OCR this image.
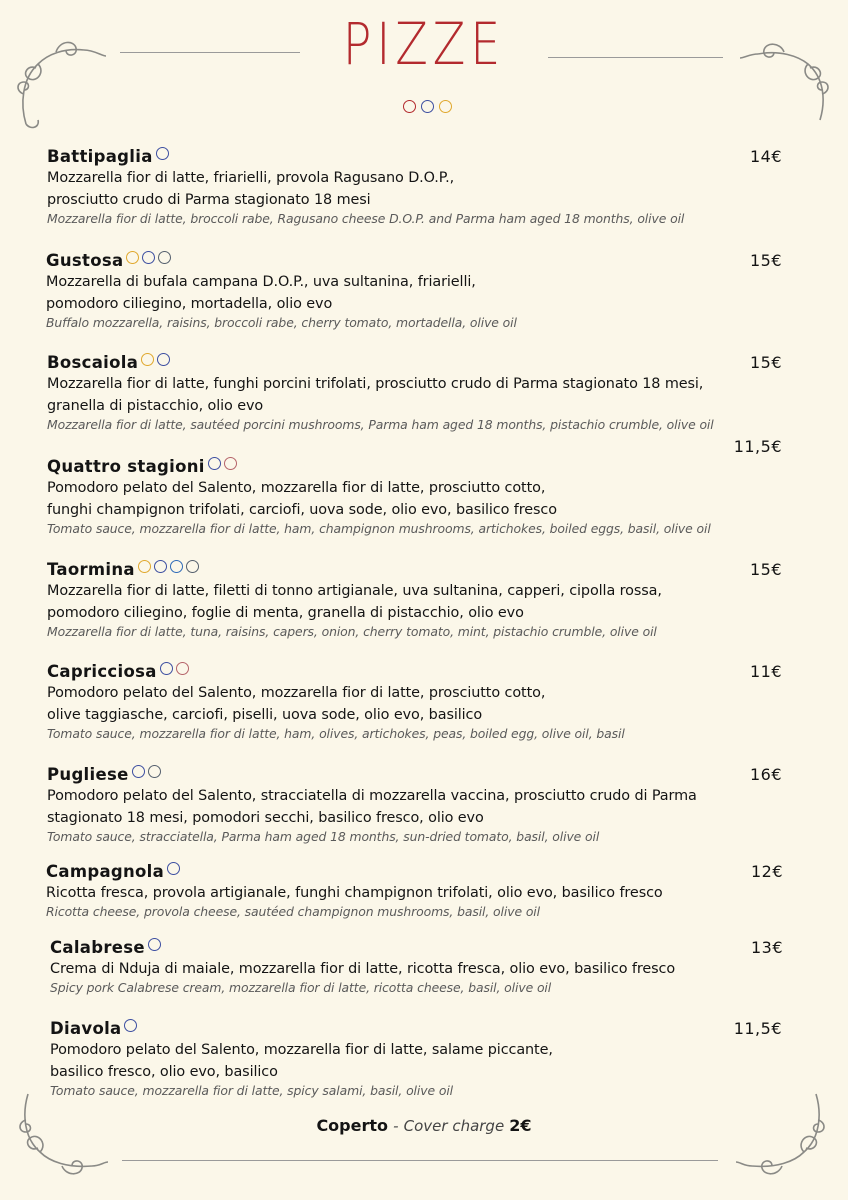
PIZZE
Battipaglia
Mozzarella fior di latte, friarielli, provola Ragusano D.O.P.,
prosciutto crudo di Parma stagionato 18 mesi
Mozzarella fior di latte, broccoli rabe, Ragusano cheese D.O.P. and Parma ham aged 18 months, olive oil
14€
Gustosa
Mozzarella di bufala campana D.O.P., uva sultanina, friarielli,
pomodoro ciliegino, mortadella, olio evo
Buffalo mozzarella, raisins, broccoli rabe, cherry tomato, mortadella, olive oil
15€
Boscaiola
Mozzarella fior di latte, funghi porcini trifolati, prosciutto crudo di Parma stagionato 18 mesi,
granella di pistacchio, olio evo
Mozzarella fior di latte, sautéed porcini mushrooms, Parma ham aged 18 months, pistachio crumble, olive oil
15€
Quattro stagioni
Pomodoro pelato del Salento, mozzarella fior di latte, prosciutto cotto,
funghi champignon trifolati, carciofi, uova sode, olio evo, basilico fresco
Tomato sauce, mozzarella fior di latte, ham, champignon mushrooms, artichokes, boiled eggs, basil, olive oil
11,5€
Taormina
Mozzarella fior di latte, filetti di tonno artigianale, uva sultanina, capperi, cipolla rossa,
pomodoro ciliegino, foglie di menta, granella di pistacchio, olio evo
Mozzarella fior di latte, tuna, raisins, capers, onion, cherry tomato, mint, pistachio crumble, olive oil
15€
Capricciosa
Pomodoro pelato del Salento, mozzarella fior di latte, prosciutto cotto,
olive taggiasche, carciofi, piselli, uova sode, olio evo, basilico
Tomato sauce, mozzarella fior di latte, ham, olives, artichokes, peas, boiled egg, olive oil, basil
11€
Pugliese
Pomodoro pelato del Salento, stracciatella di mozzarella vaccina, prosciutto crudo di Parma
stagionato 18 mesi, pomodori secchi, basilico fresco, olio evo
Tomato sauce, stracciatella, Parma ham aged 18 months, sun-dried tomato, basil, olive oil
16€
Campagnola
Ricotta fresca, provola artigianale, funghi champignon trifolati, olio evo, basilico fresco
Ricotta cheese, provola cheese, sautéed champignon mushrooms, basil, olive oil
12€
Calabrese
Crema di Nduja di maiale, mozzarella fior di latte, ricotta fresca, olio evo, basilico fresco
Spicy pork Calabrese cream, mozzarella fior di latte, ricotta cheese, basil, olive oil
13€
Diavola
Pomodoro pelato del Salento, mozzarella fior di latte, salame piccante,
basilico fresco, olio evo, basilico
Tomato sauce, mozzarella fior di latte, spicy salami, basil, olive oil
11,5€
Coperto - Cover charge 2€
